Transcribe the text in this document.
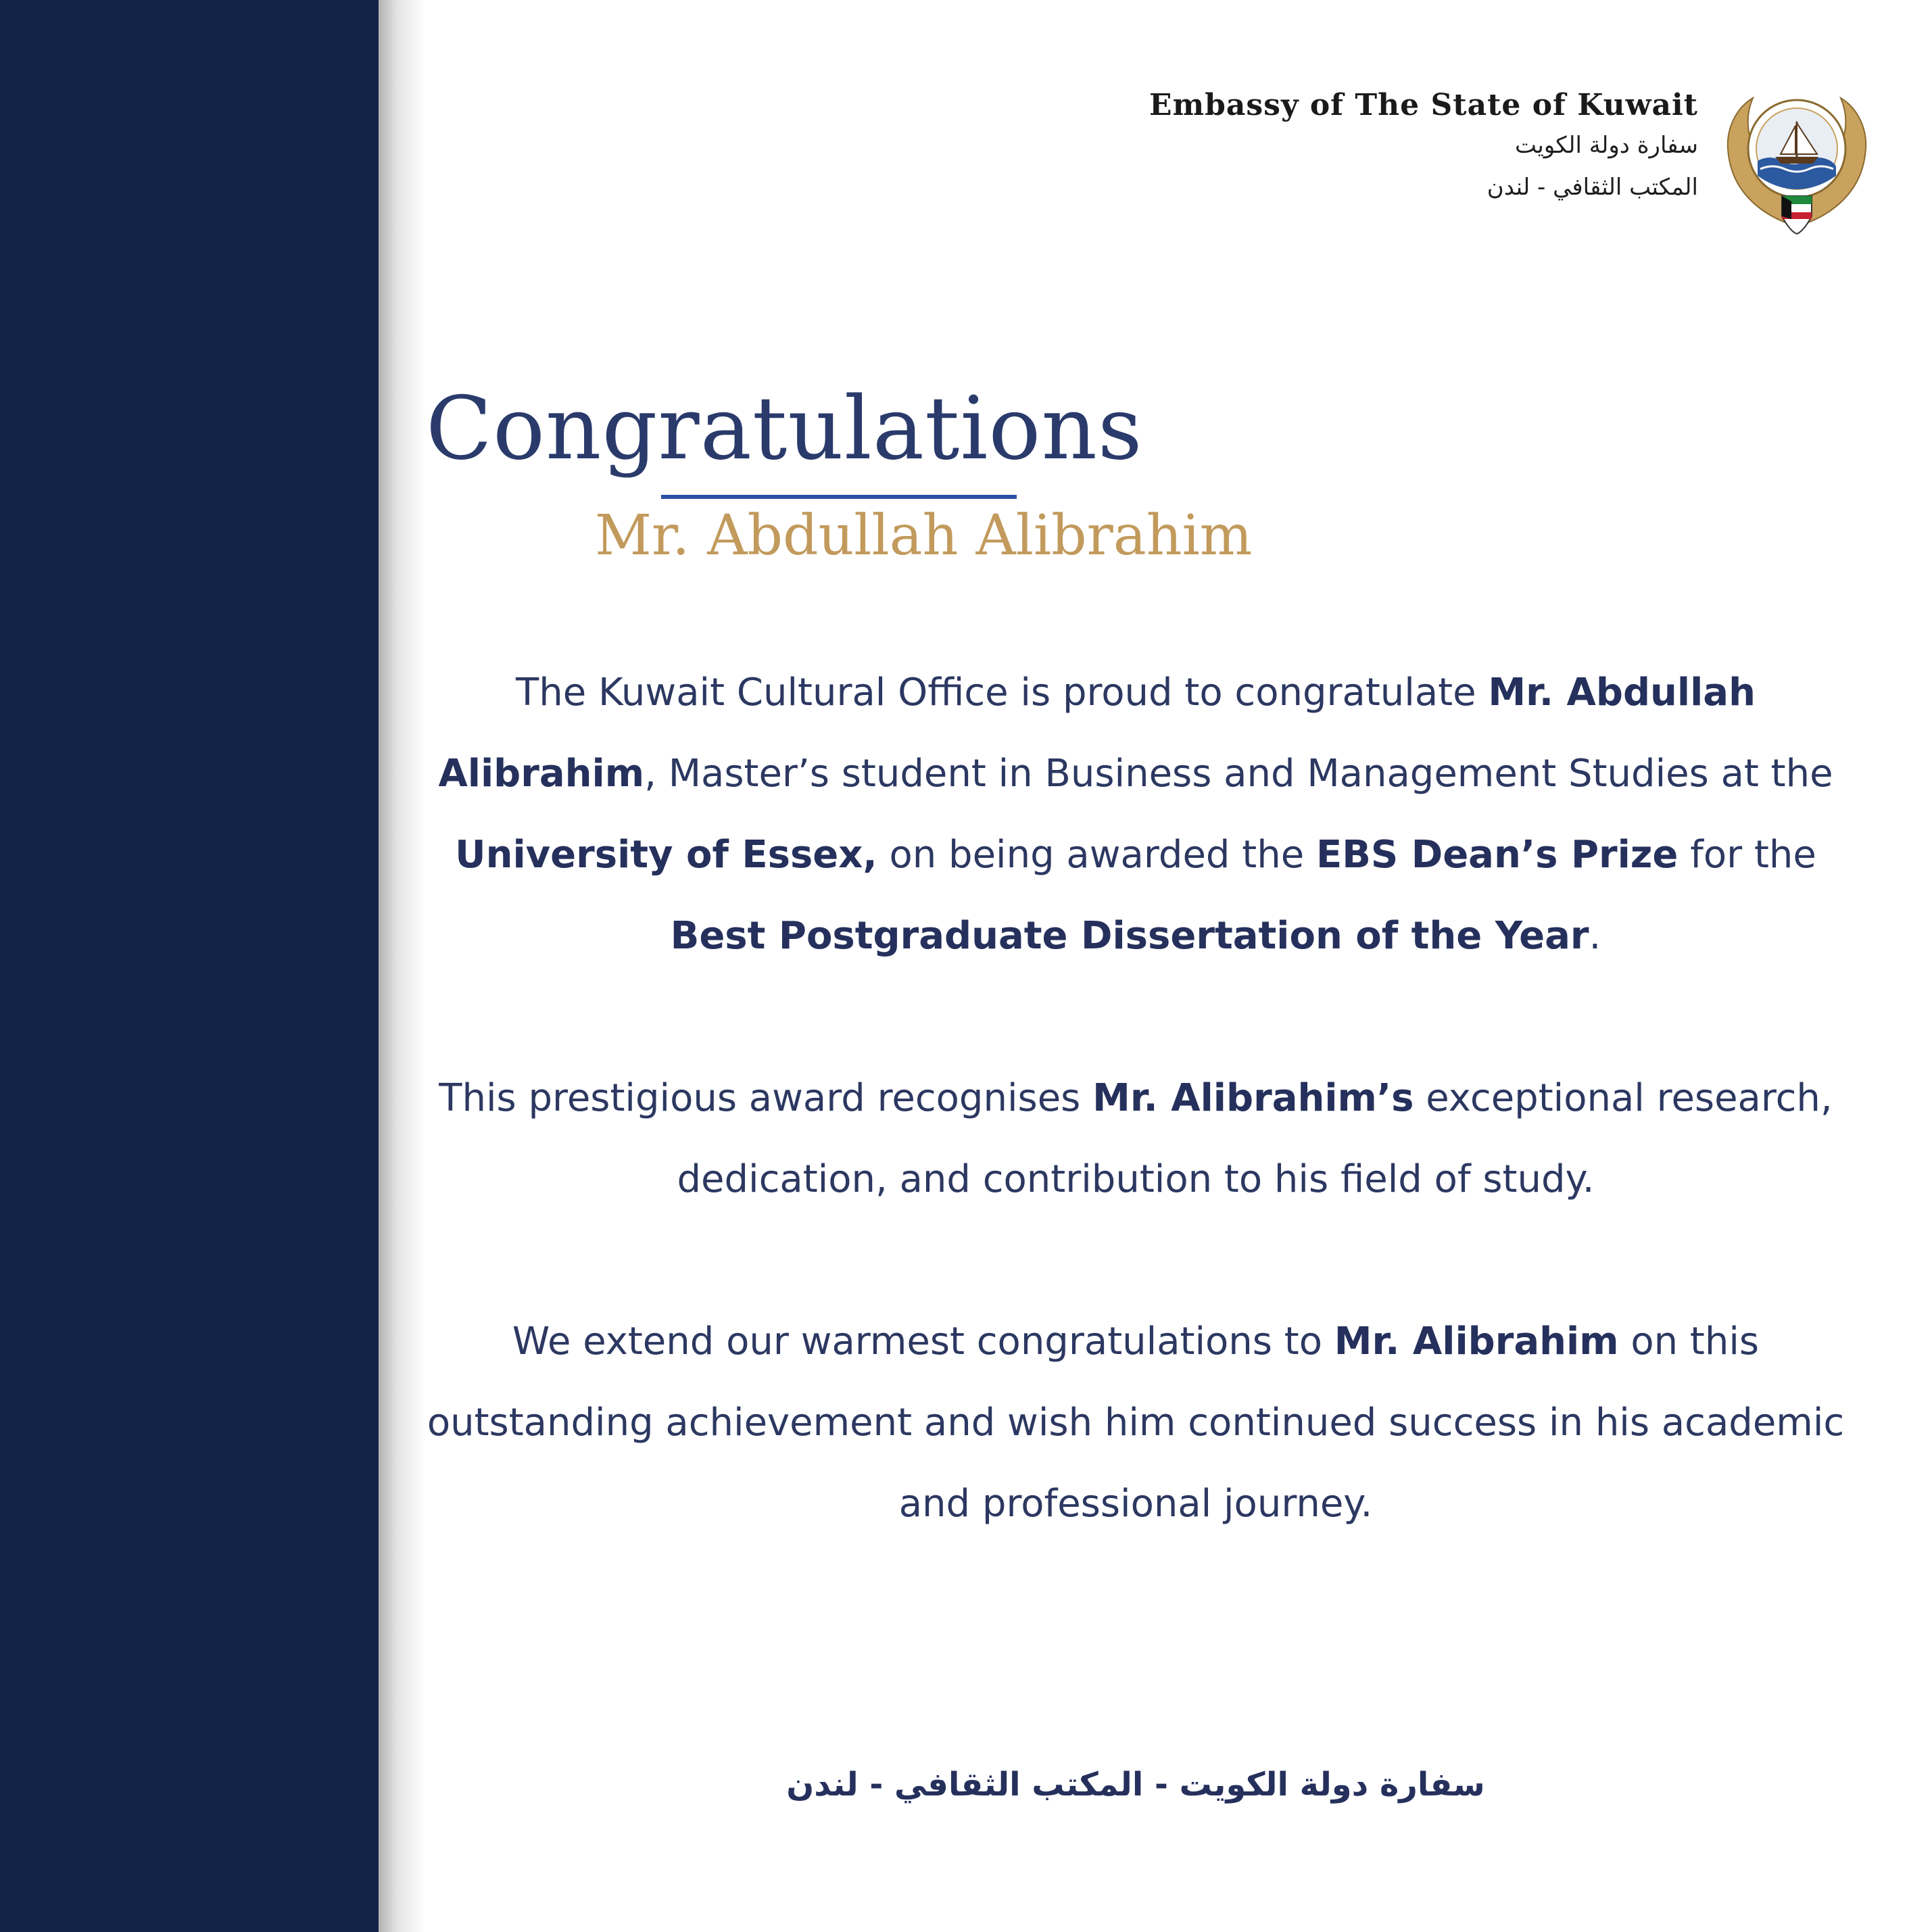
Embassy of The State of Kuwait
سفارة دولة الكويت
المكتب الثقافي - لندن
Congratulations
Mr. Abdullah Alibrahim
The Kuwait Cultural Office is proud to congratulate Mr. Abdullah Alibrahim, Master’s student in Business and Management Studies at the University of Essex, on being awarded the EBS Dean’s Prize for the Best Postgraduate Dissertation of the Year.
This prestigious award recognises Mr. Alibrahim’s exceptional research, dedication, and contribution to his field of study.
We extend our warmest congratulations to Mr. Alibrahim on this outstanding achievement and wish him continued success in his academic and professional journey.
سفارة دولة الكويت - المكتب الثقافي - لندن
